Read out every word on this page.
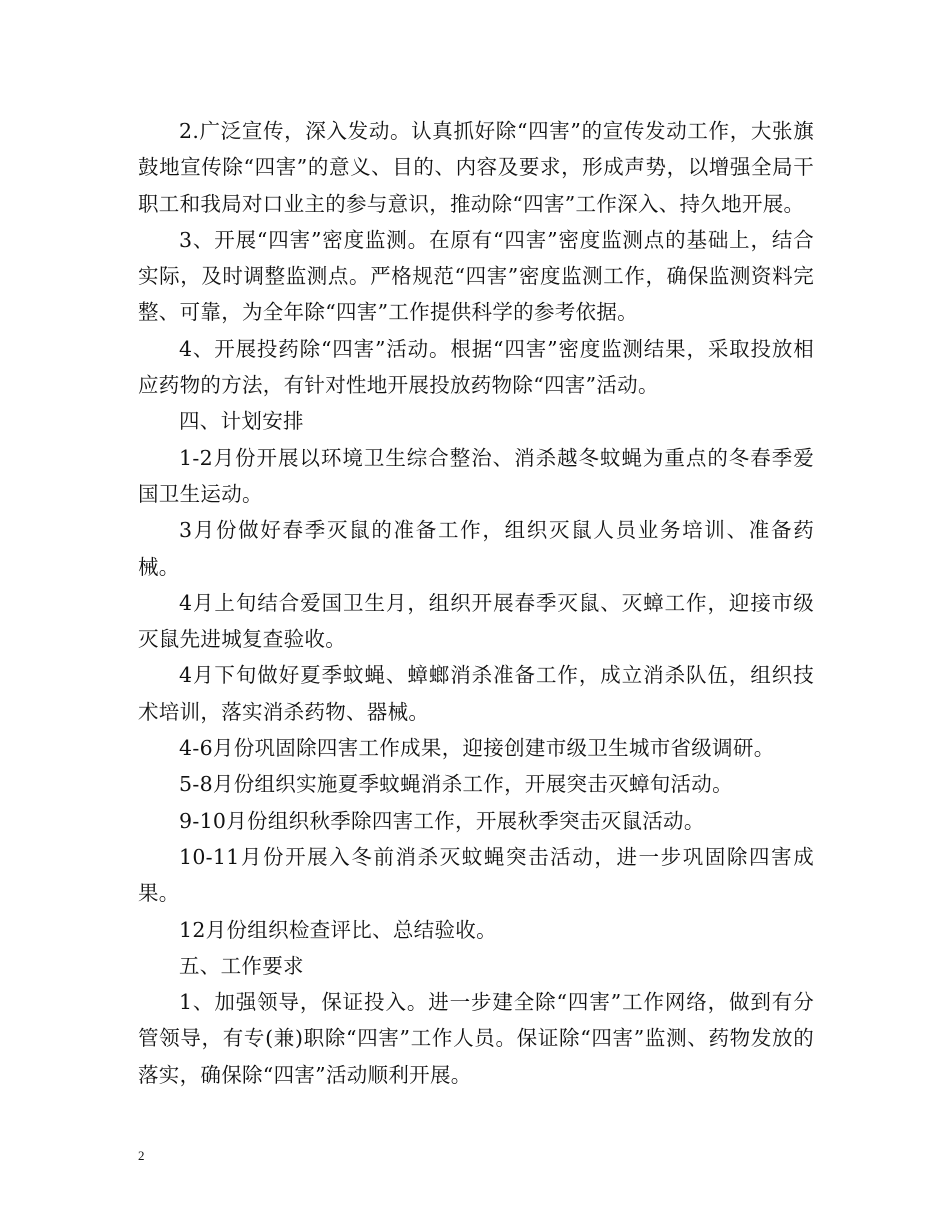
2.广泛宣传，深入发动。认真抓好除“四害”的宣传发动工作，大张旗鼓地宣传除“四害”的意义、目的、内容及要求，形成声势，以增强全局干职工和我局对口业主的参与意识，推动除“四害”工作深入、持久地开展。

3、开展“四害”密度监测。在原有“四害”密度监测点的基础上，结合实际，及时调整监测点。严格规范“四害”密度监测工作，确保监测资料完整、可靠，为全年除“四害”工作提供科学的参考依据。

4、开展投药除“四害”活动。根据“四害”密度监测结果，采取投放相应药物的方法，有针对性地开展投放药物除“四害”活动。

四、计划安排

1-2月份开展以环境卫生综合整治、消杀越冬蚊蝇为重点的冬春季爱国卫生运动。

3月份做好春季灭鼠的准备工作，组织灭鼠人员业务培训、准备药械。

4月上旬结合爱国卫生月，组织开展春季灭鼠、灭蟑工作，迎接市级灭鼠先进城复查验收。

4月下旬做好夏季蚊蝇、蟑螂消杀准备工作，成立消杀队伍，组织技术培训，落实消杀药物、器械。

4-6月份巩固除四害工作成果，迎接创建市级卫生城市省级调研。

5-8月份组织实施夏季蚊蝇消杀工作，开展突击灭蟑旬活动。

9-10月份组织秋季除四害工作，开展秋季突击灭鼠活动。

10-11月份开展入冬前消杀灭蚊蝇突击活动，进一步巩固除四害成果。

12月份组织检查评比、总结验收。

五、工作要求

1、加强领导，保证投入。进一步建全除“四害”工作网络，做到有分管领导，有专(兼)职除“四害”工作人员。保证除“四害”监测、药物发放的落实，确保除“四害”活动顺利开展。

2
